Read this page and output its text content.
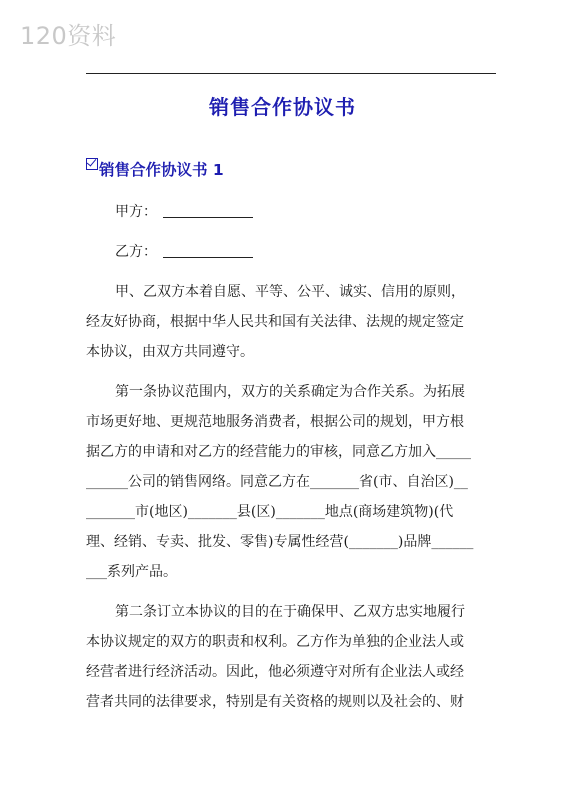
120资料
销售合作协议书
销售合作协议书 1
甲方：
乙方：
甲、乙双方本着自愿、平等、公平、诚实、信用的原则，
经友好协商，根据中华人民共和国有关法律、法规的规定签定
本协议，由双方共同遵守。
第一条协议范围内，双方的关系确定为合作关系。为拓展
市场更好地、更规范地服务消费者，根据公司的规划，甲方根
据乙方的申请和对乙方的经营能力的审核，同意乙方加入_____
______公司的销售网络。同意乙方在_______省(市、自治区)__
_______市(地区)_______县(区)_______地点(商场建筑物)(代
理、经销、专卖、批发、零售)专属性经营(_______)品牌______
___系列产品。
第二条订立本协议的目的在于确保甲、乙双方忠实地履行
本协议规定的双方的职责和权利。乙方作为单独的企业法人或
经营者进行经济活动。因此，他必须遵守对所有企业法人或经
营者共同的法律要求，特别是有关资格的规则以及社会的、财
